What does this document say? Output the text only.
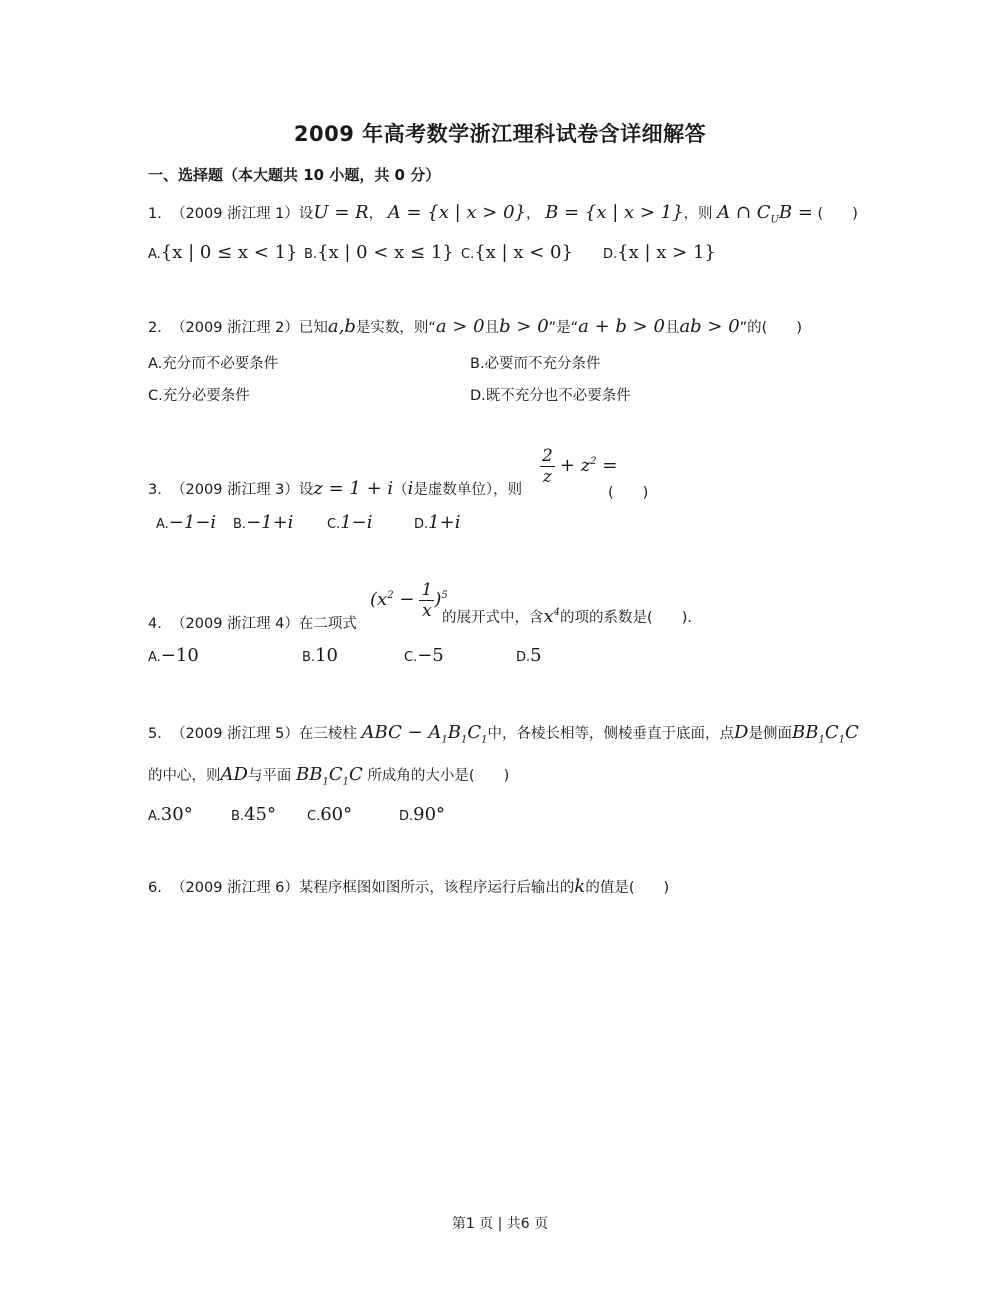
2009 年高考数学浙江理科试卷含详细解答
一、选择题（本大题共 10 小题，共 0 分）
1. （2009 浙江理 1）设U = R， A = {x | x > 0}， B = {x | x > 1}，则 A ∩ $C_UB$ = (　　)
A.{x | 0 ≤ x < 1} B.{x | 0 < x ≤ 1} C.{x | x < 0} D.{x | x > 1}
2. （2009 浙江理 2）已知a,b是实数，则“a > 0且b > 0”是“a + b > 0且ab > 0”的(　　)
A.充分而不必要条件	B.必要而不充分条件
C.充分必要条件	D.既不充分也不必要条件
3. （2009 浙江理 3）设z = 1 + i（i是虚数单位），则
$\frac{2}{z} + z^2$ =
(　　)
A.−1−i B.−1+i	C.1−i	D.1+i
4. （2009 浙江理 4）在二项式
$(x^2 - \frac{1}{x} )^5$
的展开式中，含$x^4$的项的系数是(　　).
A.−10	B.10	C.−5	D.5
5. （2009 浙江理 5）在三棱柱 ABC − $A_1B_1C_1$中，各棱长相等，侧棱垂直于底面，点D是侧面$BB_1C_1C$
的中心，则AD与平面 $BB_1C_1C$ 所成角的大小是(　　)
A.30°	B.45° C.60°	D.90°
6. （2009 浙江理 6）某程序框图如图所示，该程序运行后输出的k的值是(　　)
第1 页 | 共6 页
